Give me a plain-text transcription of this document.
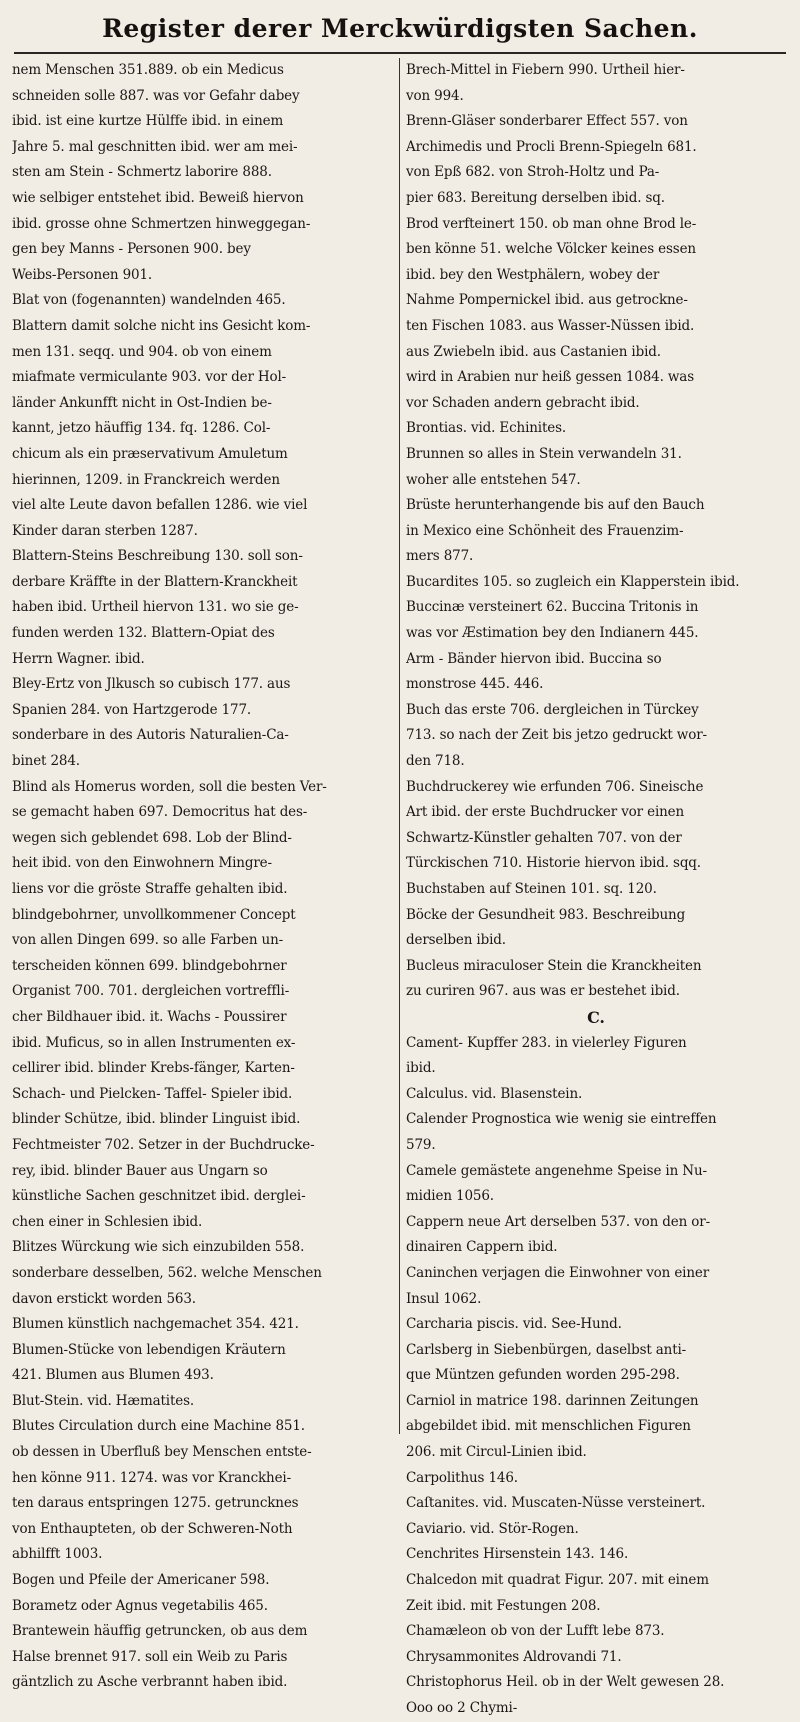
Register derer Merckwürdigsten Sachen.
nem Menschen 351.889. ob ein Medicus
schneiden solle 887. was vor Gefahr dabey
ibid. ist eine kurtze Hülffe ibid. in einem
Jahre 5. mal geschnitten ibid. wer am mei-
sten am Stein - Schmertz laborire 888.
wie selbiger entstehet ibid. Beweiß hiervon
ibid. grosse ohne Schmertzen hinweggegan-
gen bey Manns - Personen 900. bey
Weibs-Personen 901.
Blat von (fogenannten) wandelnden 465.
Blattern damit solche nicht ins Gesicht kom-
men 131. seqq. und 904. ob von einem
miafmate vermiculante 903. vor der Hol-
länder Ankunfft nicht in Ost-Indien be-
kannt, jetzo häuffig 134. fq. 1286. Col-
chicum als ein præservativum Amuletum
hierinnen, 1209. in Franckreich werden
viel alte Leute davon befallen 1286. wie viel
Kinder daran sterben 1287.
Blattern-Steins Beschreibung 130. soll son-
derbare Kräffte in der Blattern-Kranckheit
haben ibid. Urtheil hiervon 131. wo sie ge-
funden werden 132. Blattern-Opiat des
Herrn Wagner. ibid.
Bley-Ertz von Jlkusch so cubisch 177. aus
Spanien 284. von Hartzgerode 177.
sonderbare in des Autoris Naturalien-Ca-
binet 284.
Blind als Homerus worden, soll die besten Ver-
se gemacht haben 697. Democritus hat des-
wegen sich geblendet 698. Lob der Blind-
heit ibid. von den Einwohnern Mingre-
liens vor die gröste Straffe gehalten ibid.
blindgebohrner, unvollkommener Concept
von allen Dingen 699. so alle Farben un-
terscheiden können 699. blindgebohrner
Organist 700. 701. dergleichen vortreffli-
cher Bildhauer ibid. it. Wachs - Poussirer
ibid. Muficus, so in allen Instrumenten ex-
cellirer ibid. blinder Krebs-fänger, Karten-
Schach- und Pielcken- Taffel- Spieler ibid.
blinder Schütze, ibid. blinder Linguist ibid.
Fechtmeister 702. Setzer in der Buchdrucke-
rey, ibid. blinder Bauer aus Ungarn so
künstliche Sachen geschnitzet ibid. derglei-
chen einer in Schlesien ibid.
Blitzes Würckung wie sich einzubilden 558.
sonderbare desselben, 562. welche Menschen
davon erstickt worden 563.
Blumen künstlich nachgemachet 354. 421.
Blumen-Stücke von lebendigen Kräutern
421. Blumen aus Blumen 493.
Blut-Stein. vid. Hæmatites.
Blutes Circulation durch eine Machine 851.
ob dessen in Uberfluß bey Menschen entste-
hen könne 911. 1274. was vor Kranckhei-
ten daraus entspringen 1275. getruncknes
von Enthaupteten, ob der Schweren-Noth
abhilfft 1003.
Bogen und Pfeile der Americaner 598.
Borametz oder Agnus vegetabilis 465.
Brantewein häuffig getruncken, ob aus dem
Halse brennet 917. soll ein Weib zu Paris
gäntzlich zu Asche verbrannt haben ibid.
Brech-Mittel in Fiebern 990. Urtheil hier-
von 994.
Brenn-Gläser sonderbarer Effect 557. von
Archimedis und Procli Brenn-Spiegeln 681.
von Epß 682. von Stroh-Holtz und Pa-
pier 683. Bereitung derselben ibid. sq.
Brod verfteinert 150. ob man ohne Brod le-
ben könne 51. welche Völcker keines essen
ibid. bey den Westphälern, wobey der
Nahme Pompernickel ibid. aus getrockne-
ten Fischen 1083. aus Wasser-Nüssen ibid.
aus Zwiebeln ibid. aus Castanien ibid.
wird in Arabien nur heiß gessen 1084. was
vor Schaden andern gebracht ibid.
Brontias. vid. Echinites.
Brunnen so alles in Stein verwandeln 31.
woher alle entstehen 547.
Brüste herunterhangende bis auf den Bauch
in Mexico eine Schönheit des Frauenzim-
mers 877.
Bucardites 105. so zugleich ein Klapperstein ibid.
Buccinæ versteinert 62. Buccina Tritonis in
was vor Æstimation bey den Indianern 445.
Arm - Bänder hiervon ibid. Buccina so
monstrose 445. 446.
Buch das erste 706. dergleichen in Türckey
713. so nach der Zeit bis jetzo gedruckt wor-
den 718.
Buchdruckerey wie erfunden 706. Sineische
Art ibid. der erste Buchdrucker vor einen
Schwartz-Künstler gehalten 707. von der
Türckischen 710. Historie hiervon ibid. sqq.
Buchstaben auf Steinen 101. sq. 120.
Böcke der Gesundheit 983. Beschreibung
derselben ibid.
Bucleus miraculoser Stein die Kranckheiten
zu curiren 967. aus was er bestehet ibid.
C.
Cament- Kupffer 283. in vielerley Figuren
ibid.
Calculus. vid. Blasenstein.
Calender Prognostica wie wenig sie eintreffen
579.
Camele gemästete angenehme Speise in Nu-
midien 1056.
Cappern neue Art derselben 537. von den or-
dinairen Cappern ibid.
Caninchen verjagen die Einwohner von einer
Insul 1062.
Carcharia piscis. vid. See-Hund.
Carlsberg in Siebenbürgen, daselbst anti-
que Müntzen gefunden worden 295-298.
Carniol in matrice 198. darinnen Zeitungen
abgebildet ibid. mit menschlichen Figuren
206. mit Circul-Linien ibid.
Carpolithus 146.
Caſtanites. vid. Muscaten-Nüsse versteinert.
Caviario. vid. Stör-Rogen.
Cenchrites Hirsenstein 143. 146.
Chalcedon mit quadrat Figur. 207. mit einem
Zeit ibid. mit Festungen 208.
Chamæleon ob von der Lufft lebe 873.
Chrysammonites Aldrovandi 71.
Christophorus Heil. ob in der Welt gewesen 28.
Ooo oo 2 Chymi-
